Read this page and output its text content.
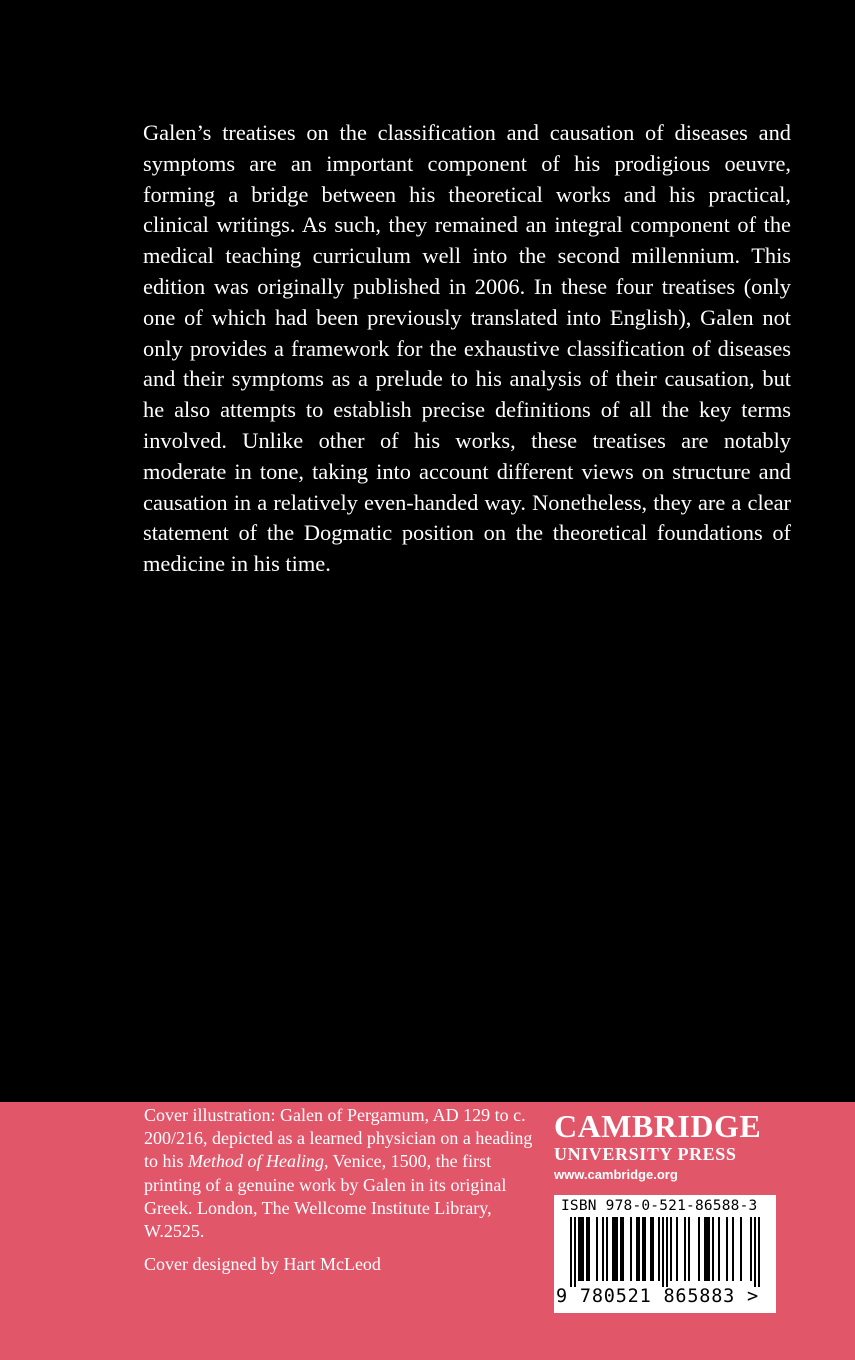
Galen’s treatises on the classification and causation of diseases and symptoms are an important component of his prodigious oeuvre, forming a bridge between his theoretical works and his practical, clinical writings. As such, they remained an integral component of the medical teaching curriculum well into the second millennium. This edition was originally published in 2006. In these four treatises (only one of which had been previously translated into English), Galen not only provides a framework for the exhaustive classification of diseases and their symptoms as a prelude to his analysis of their causation, but he also attempts to establish precise definitions of all the key terms involved. Unlike other of his works, these treatises are notably moderate in tone, taking into account different views on structure and causation in a relatively even-handed way. Nonetheless, they are a clear statement of the Dogmatic position on the theoretical foundations of medicine in his time.

Cover illustration: Galen of Pergamum, AD 129 to c. 200/216, depicted as a learned physician on a heading to his Method of Healing, Venice, 1500, the first printing of a genuine work by Galen in its original Greek. London, The Wellcome Institute Library, W.2525.

Cover designed by Hart McLeod

CAMBRIDGE
UNIVERSITY PRESS
www.cambridge.org
ISBN 978-0-521-86588-3
9 780521 865883 >
